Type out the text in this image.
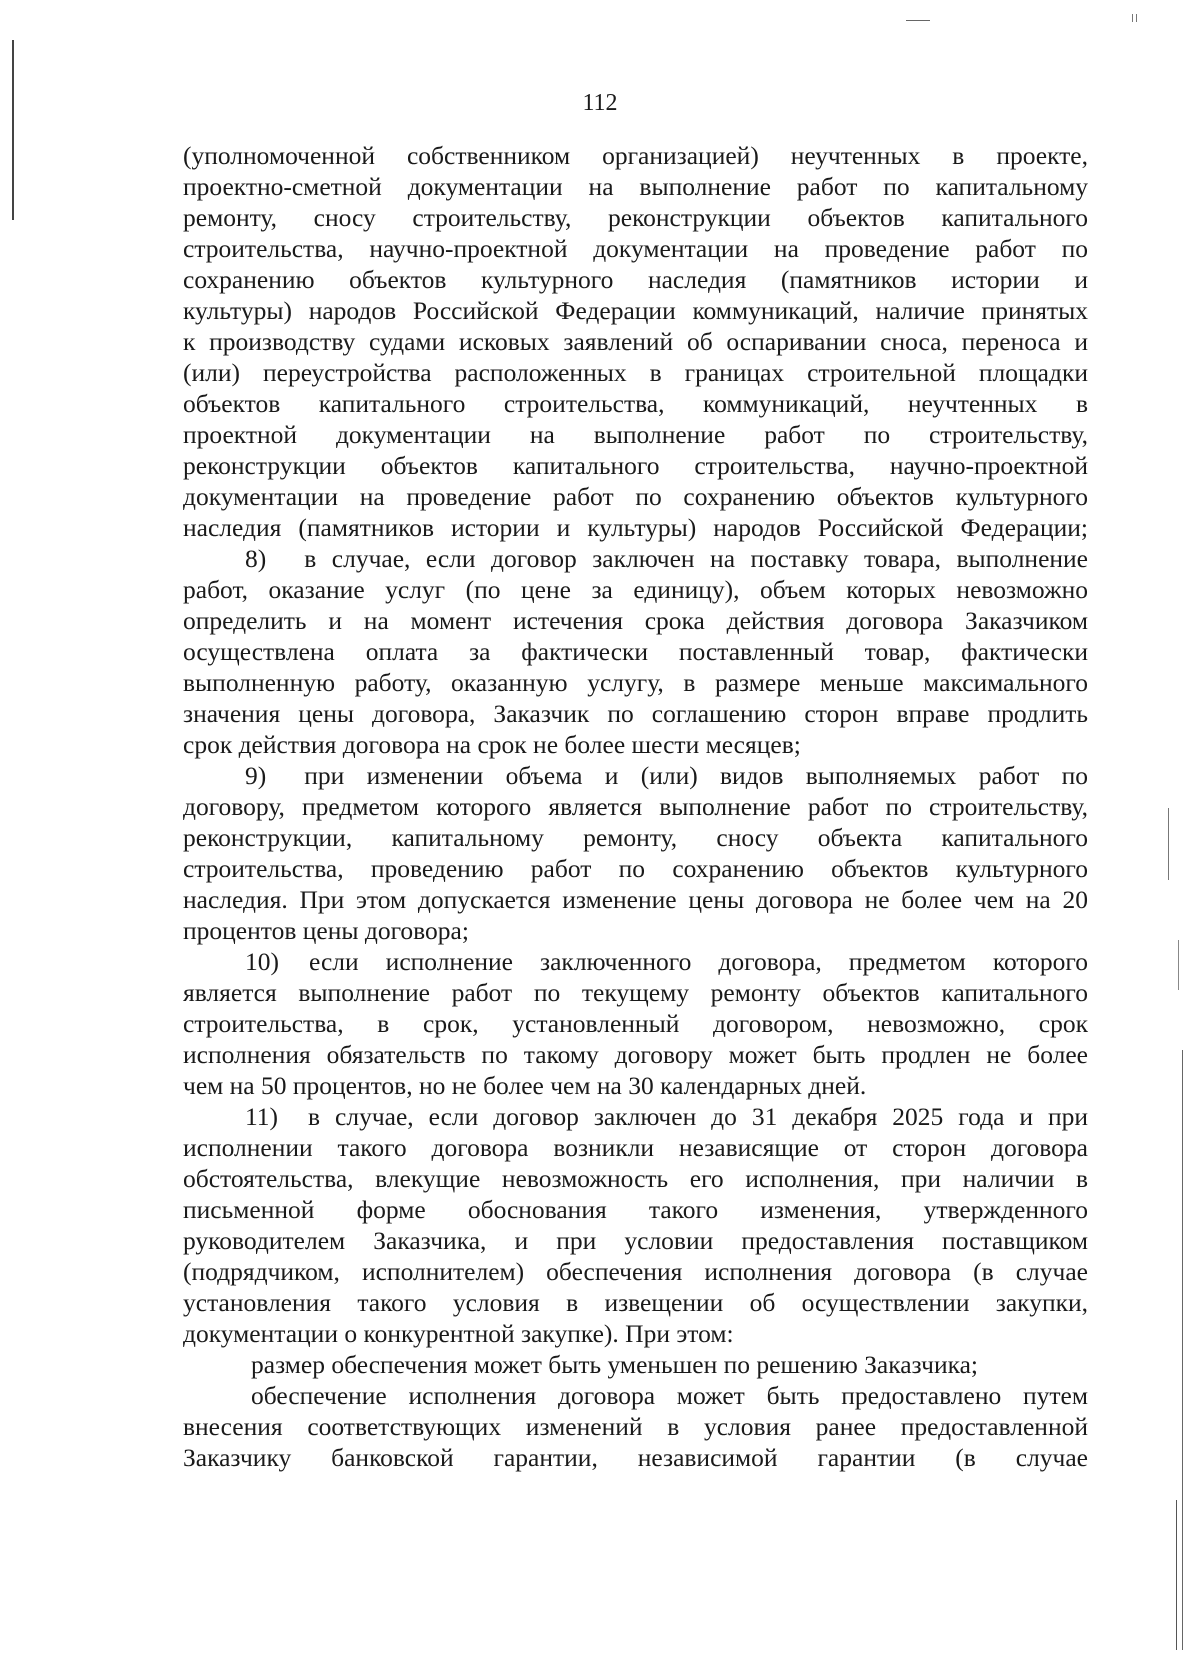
112
(уполномоченной собственником организацией) неучтенных в проекте,
проектно-сметной документации на выполнение работ по капитальному
ремонту, сносу строительству, реконструкции объектов капитального
строительства, научно-проектной документации на проведение работ по
сохранению объектов культурного наследия (памятников истории и
культуры) народов Российской Федерации коммуникаций, наличие принятых
к производству судами исковых заявлений об оспаривании сноса, переноса и
(или) переустройства расположенных в границах строительной площадки
объектов капитального строительства, коммуникаций, неучтенных в
проектной документации на выполнение работ по строительству,
реконструкции объектов капитального строительства, научно-проектной
документации на проведение работ по сохранению объектов культурного
наследия (памятников истории и культуры) народов Российской Федерации;
8) в случае, если договор заключен на поставку товара, выполнение
работ, оказание услуг (по цене за единицу), объем которых невозможно
определить и на момент истечения срока действия договора Заказчиком
осуществлена оплата за фактически поставленный товар, фактически
выполненную работу, оказанную услугу, в размере меньше максимального
значения цены договора, Заказчик по соглашению сторон вправе продлить
срок действия договора на срок не более шести месяцев;
9) при изменении объема и (или) видов выполняемых работ по
договору, предметом которого является выполнение работ по строительству,
реконструкции, капитальному ремонту, сносу объекта капитального
строительства, проведению работ по сохранению объектов культурного
наследия. При этом допускается изменение цены договора не более чем на 20
процентов цены договора;
10) если исполнение заключенного договора, предметом которого
является выполнение работ по текущему ремонту объектов капитального
строительства, в срок, установленный договором, невозможно, срок
исполнения обязательств по такому договору может быть продлен не более
чем на 50 процентов, но не более чем на 30 календарных дней.
11) в случае, если договор заключен до 31 декабря 2025 года и при
исполнении такого договора возникли независящие от сторон договора
обстоятельства, влекущие невозможность его исполнения, при наличии в
письменной форме обоснования такого изменения, утвержденного
руководителем Заказчика, и при условии предоставления поставщиком
(подрядчиком, исполнителем) обеспечения исполнения договора (в случае
установления такого условия в извещении об осуществлении закупки,
документации о конкурентной закупке). При этом:
размер обеспечения может быть уменьшен по решению Заказчика;
обеспечение исполнения договора может быть предоставлено путем
внесения соответствующих изменений в условия ранее предоставленной
Заказчику банковской гарантии, независимой гарантии (в случае
